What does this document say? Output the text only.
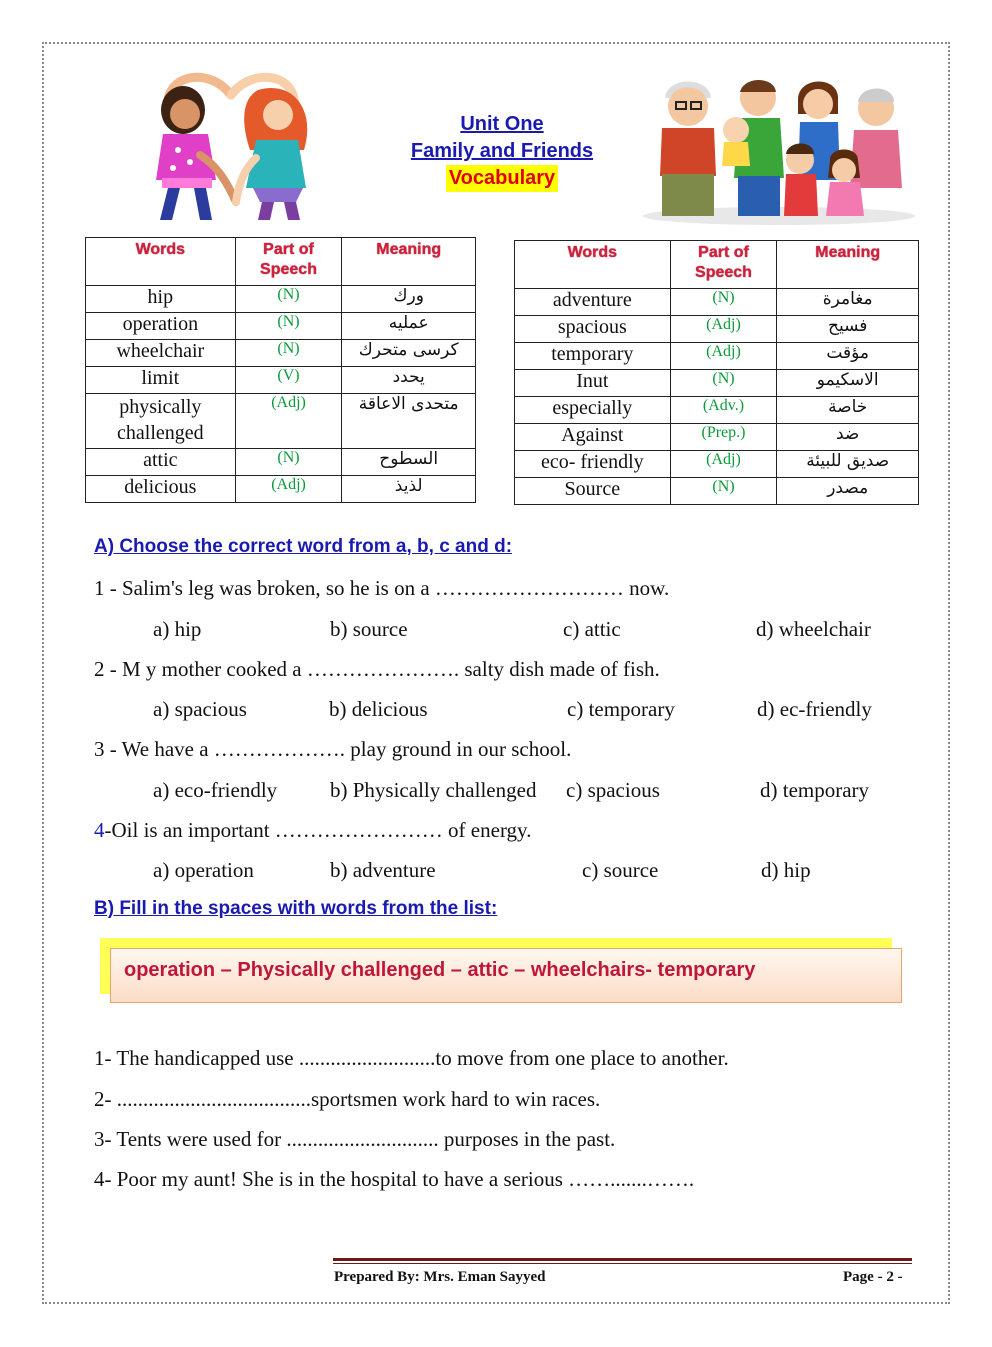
Unit One
Family and Friends
Vocabulary
Words	Part of Speech	Meaning
hip	(N)	ورك
operation	(N)	عمليه
wheelchair	(N)	كرسى متحرك
limit	(V)	يحدد
physically challenged	(Adj)	متحدى الاعاقة
attic	(N)	السطوح
delicious	(Adj)	لذيذ
Words	Part of Speech	Meaning
adventure	(N)	مغامرة
spacious	(Adj)	فسيح
temporary	(Adj)	مؤقت
Inut	(N)	الاسكيمو
especially	(Adv.)	خاصة
Against	(Prep.)	ضد
eco- friendly	(Adj)	صديق للبيئة
Source	(N)	مصدر
A) Choose the correct word from a, b, c and d:
1 - Salim's leg was broken, so he is on a ……………………… now.
a) hip	b) source	c) attic	d) wheelchair
2 - M y mother cooked a …………………. salty dish made of fish.
a) spacious	b) delicious	c) temporary	d) ec-friendly
3 - We have a ………………. play ground in our school.
a) eco-friendly	b) Physically challenged c) spacious	d) temporary
4-Oil is an important …………………… of energy.
a) operation	b) adventure	c) source	d) hip
B) Fill in the spaces with words from the list:
operation – Physically challenged – attic – wheelchairs- temporary
1- The handicapped use ..........................to move from one place to another.
2- .....................................sportsmen work hard to win races.
3- Tents were used for ............................. purposes in the past.
4- Poor my aunt! She is in the hospital to have a serious …….......…….
Prepared By: Mrs. Eman Sayyed	Page - 2 -
